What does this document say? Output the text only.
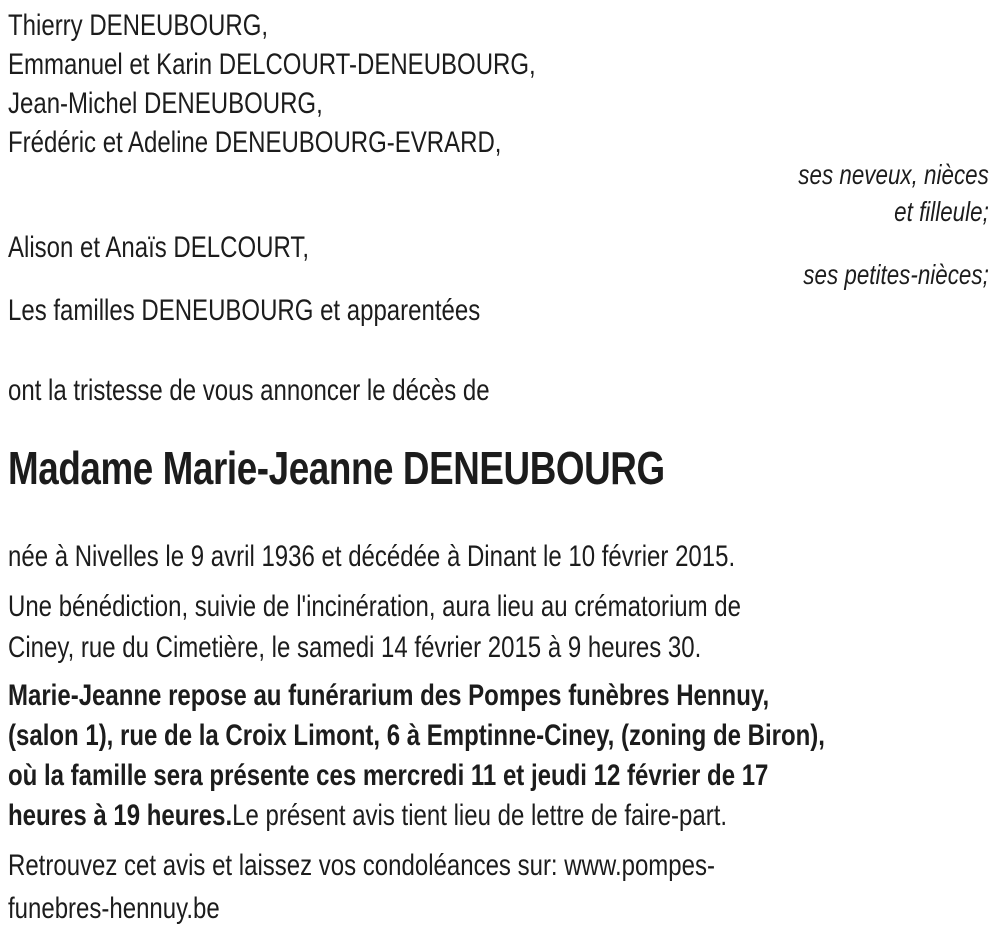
Thierry DENEUBOURG,
Emmanuel et Karin DELCOURT-DENEUBOURG,
Jean-Michel DENEUBOURG,
Frédéric et Adeline DENEUBOURG-EVRARD,
ses neveux, nièces
et filleule;
Alison et Anaïs DELCOURT,
ses petites-nièces;
Les familles DENEUBOURG et apparentées
ont la tristesse de vous annoncer le décès de
Madame Marie-Jeanne DENEUBOURG
née à Nivelles le 9 avril 1936 et décédée à Dinant le 10 février 2015.
Une bénédiction, suivie de l'incinération, aura lieu au crématorium de
Ciney, rue du Cimetière, le samedi 14 février 2015 à 9 heures 30.
Marie-Jeanne repose au funérarium des Pompes funèbres Hennuy,
(salon 1), rue de la Croix Limont, 6 à Emptinne-Ciney, (zoning de Biron),
où la famille sera présente ces mercredi 11 et jeudi 12 février de 17
heures à 19 heures.Le présent avis tient lieu de lettre de faire-part.
Retrouvez cet avis et laissez vos condoléances sur: www.pompes-
funebres-hennuy.be
